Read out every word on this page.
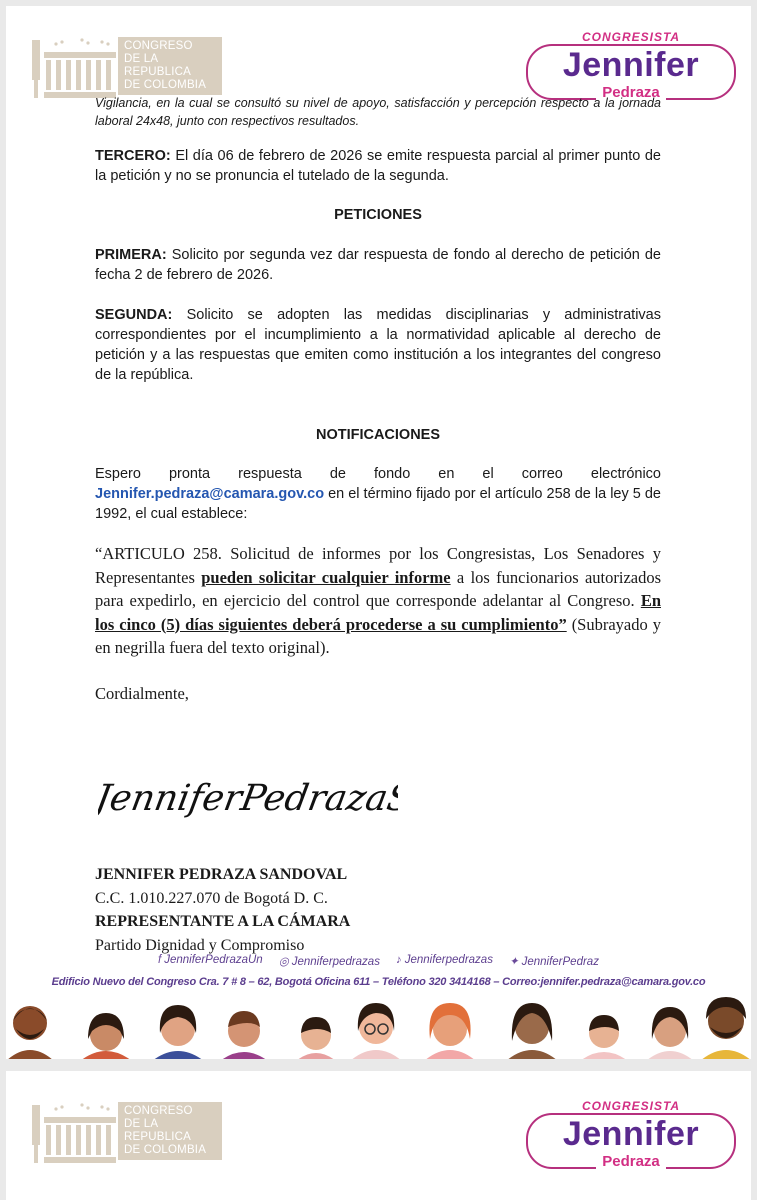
CONGRESO
DE LA REPUBLICA
DE COLOMBIA
CONGRESISTA
Jennifer
Pedraza
Vigilancia, en la cual se consultó su nivel de apoyo, satisfacción y percepción respecto a la jornada laboral 24x48, junto con respectivos resultados.
TERCERO: El día 06 de febrero de 2026 se emite respuesta parcial al primer punto de la petición y no se pronuncia el tutelado de la segunda.
PETICIONES
PRIMERA: Solicito por segunda vez dar respuesta de fondo al derecho de petición de fecha 2 de febrero de 2026.
SEGUNDA: Solicito se adopten las medidas disciplinarias y administrativas correspondientes por el incumplimiento a la normatividad aplicable al derecho de petición y a las respuestas que emiten como institución a los integrantes del congreso de la república.
NOTIFICACIONES
Espero pronta respuesta de fondo en el correo electrónico Jennifer.pedraza@camara.gov.co en el término fijado por el artículo 258 de la ley 5 de 1992, el cual establece:
“ARTICULO 258. Solicitud de informes por los Congresistas, Los Senadores y Representantes pueden solicitar cualquier informe a los funcionarios autorizados para expedirlo, en ejercicio del control que corresponde adelantar al Congreso. En los cinco (5) días siguientes deberá procederse a su cumplimiento” (Subrayado y en negrilla fuera del texto original).
Cordialmente,
JenniferPedrazaS
JENNIFER PEDRAZA SANDOVAL
C.C. 1.010.227.070 de Bogotá D. C.
REPRESENTANTE A LA CÁMARA
Partido Dignidad y Compromiso
f JenniferPedrazaUn ◎ Jenniferpedrazas ♪ Jenniferpedrazas ✦ JenniferPedraz
Edificio Nuevo del Congreso Cra. 7 # 8 – 62, Bogotá Oficina 611 – Teléfono 320 3414168 – Correo:jennifer.pedraza@camara.gov.co
CONGRESO
DE LA REPUBLICA
DE COLOMBIA
CONGRESISTA
Jennifer
Pedraza
